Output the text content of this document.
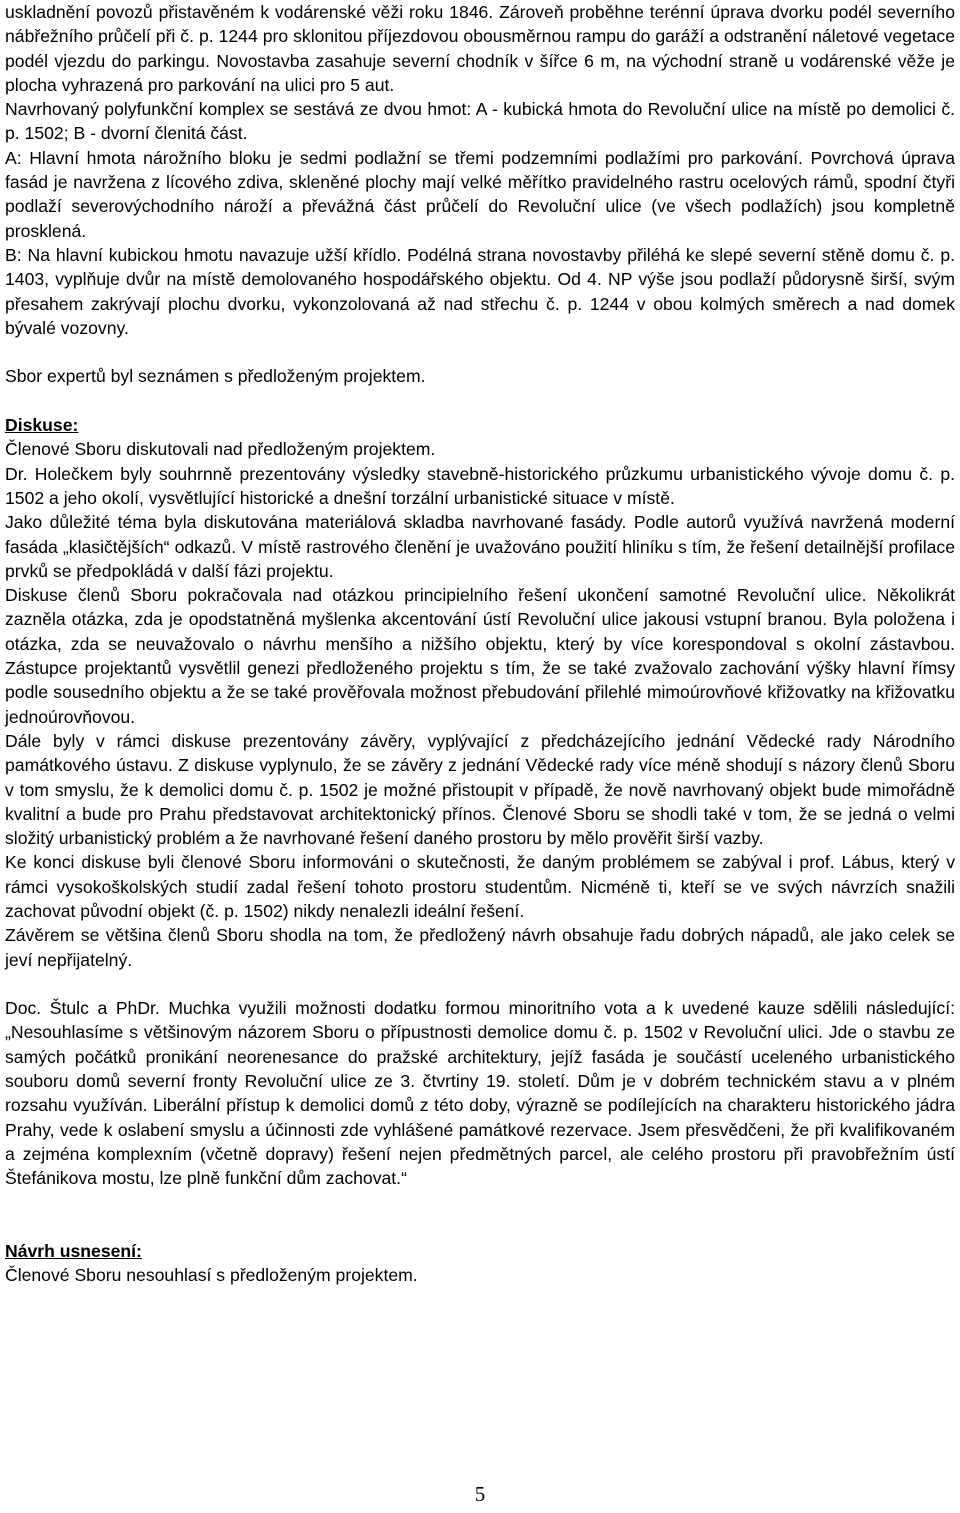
uskladnění povozů přistavěném k vodárenské věži roku 1846. Zároveň proběhne terénní úprava dvorku podél severního nábřežního průčelí při č. p. 1244 pro sklonitou příjezdovou obousměrnou rampu do garáží a odstranění náletové vegetace podél vjezdu do parkingu. Novostavba zasahuje severní chodník v šířce 6 m, na východní straně u vodárenské věže je plocha vyhrazená pro parkování na ulici pro 5 aut.

Navrhovaný polyfunkční komplex se sestává ze dvou hmot: A - kubická hmota do Revoluční ulice na místě po demolici č. p. 1502; B - dvorní členitá část.

A: Hlavní hmota nárožního bloku je sedmi podlažní se třemi podzemními podlažími pro parkování. Povrchová úprava fasád je navržena z lícového zdiva, skleněné plochy mají velké měřítko pravidelného rastru ocelových rámů, spodní čtyři podlaží severovýchodního nároží a převážná část průčelí do Revoluční ulice (ve všech podlažích) jsou kompletně prosklená.

B: Na hlavní kubickou hmotu navazuje užší křídlo. Podélná strana novostavby přiléhá ke slepé severní stěně domu č. p. 1403, vyplňuje dvůr na místě demolovaného hospodářského objektu. Od 4. NP výše jsou podlaží půdorysně širší, svým přesahem zakrývají plochu dvorku, vykonzolovaná až nad střechu č. p. 1244 v obou kolmých směrech a nad domek bývalé vozovny.

Sbor expertů byl seznámen s předloženým projektem.

Diskuse:

Členové Sboru diskutovali nad předloženým projektem.

Dr. Holečkem byly souhrnně prezentovány výsledky stavebně-historického průzkumu urbanistického vývoje domu č. p. 1502 a jeho okolí, vysvětlující historické a dnešní torzální urbanistické situace v místě.

Jako důležité téma byla diskutována materiálová skladba navrhované fasády. Podle autorů využívá navržená moderní fasáda „klasičtějších“ odkazů. V místě rastrového členění je uvažováno použití hliníku s tím, že řešení detailnější profilace prvků se předpokládá v další fázi projektu.

Diskuse členů Sboru pokračovala nad otázkou principielního řešení ukončení samotné Revoluční ulice. Několikrát zazněla otázka, zda je opodstatněná myšlenka akcentování ústí Revoluční ulice jakousi vstupní branou. Byla položena i otázka, zda se neuvažovalo o návrhu menšího a nižšího objektu, který by více korespondoval s okolní zástavbou. Zástupce projektantů vysvětlil genezi předloženého projektu s tím, že se také zvažovalo zachování výšky hlavní římsy podle sousedního objektu a že se také prověřovala možnost přebudování přilehlé mimoúrovňové křižovatky na křižovatku jednoúrovňovou.

Dále byly v rámci diskuse prezentovány závěry, vyplývající z předcházejícího jednání Vědecké rady Národního památkového ústavu. Z diskuse vyplynulo, že se závěry z jednání Vědecké rady více méně shodují s názory členů Sboru v tom smyslu, že k demolici domu č. p. 1502 je možné přistoupit v případě, že nově navrhovaný objekt bude mimořádně kvalitní a bude pro Prahu představovat architektonický přínos. Členové Sboru se shodli také v tom, že se jedná o velmi složitý urbanistický problém a že navrhované řešení daného prostoru by mělo prověřit širší vazby.

Ke konci diskuse byli členové Sboru informováni o skutečnosti, že daným problémem se zabýval i prof. Lábus, který v rámci vysokoškolských studií zadal řešení tohoto prostoru studentům. Nicméně ti, kteří se ve svých návrzích snažili zachovat původní objekt (č. p. 1502) nikdy nenalezli ideální řešení.

Závěrem se většina členů Sboru shodla na tom, že předložený návrh obsahuje řadu dobrých nápadů, ale jako celek se jeví nepřijatelný.

Doc. Štulc a PhDr. Muchka využili možnosti dodatku formou minoritního vota a k uvedené kauze sdělili následující: „Nesouhlasíme s většinovým názorem Sboru o přípustnosti demolice domu č. p. 1502 v Revoluční ulici. Jde o stavbu ze samých počátků pronikání neorenesance do pražské architektury, jejíž fasáda je součástí uceleného urbanistického souboru domů severní fronty Revoluční ulice ze 3. čtvrtiny 19. století. Dům je v dobrém technickém stavu a v plném rozsahu využíván. Liberální přístup k demolici domů z této doby, výrazně se podílejících na charakteru historického jádra Prahy, vede k oslabení smyslu a účinnosti zde vyhlášené památkové rezervace. Jsem přesvědčeni, že při kvalifikovaném a zejména komplexním (včetně dopravy) řešení nejen předmětných parcel, ale celého prostoru při pravobřežním ústí Štefánikova mostu, lze plně funkční dům zachovat.“

Návrh usnesení:

Členové Sboru nesouhlasí s předloženým projektem.

5
